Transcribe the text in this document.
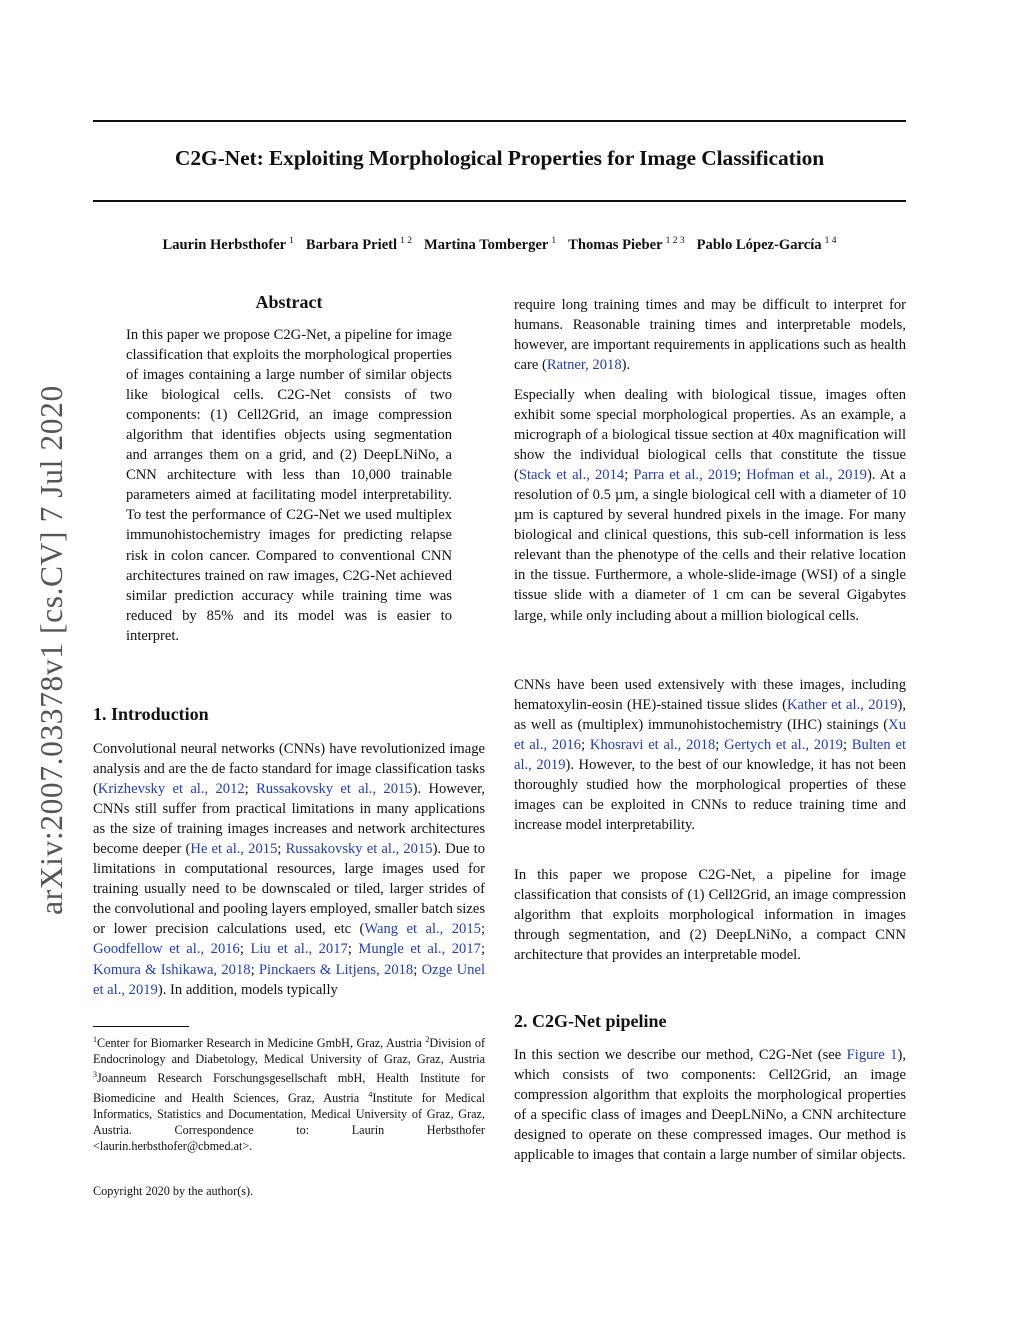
C2G-Net: Exploiting Morphological Properties for Image Classification
Laurin Herbsthofer $^1$ Barbara Prietl $^{1 2}$ Martina Tomberger $^1$ Thomas Pieber $^{1 2 3}$ Pablo López-García $^{1 4}$
arXiv:2007.03378v1 [cs.CV] 7 Jul 2020
Abstract
In this paper we propose C2G-Net, a pipeline for image classification that exploits the morphological properties of images containing a large number of similar objects like biological cells. C2G-Net consists of two components: (1) Cell2Grid, an image compression algorithm that identifies objects using segmentation and arranges them on a grid, and (2) DeepLNiNo, a CNN architecture with less than 10,000 trainable parameters aimed at facilitating model interpretability. To test the performance of C2G-Net we used multiplex immunohistochemistry images for predicting relapse risk in colon cancer. Compared to conventional CNN architectures trained on raw images, C2G-Net achieved similar prediction accuracy while training time was reduced by 85% and its model was is easier to interpret.
1. Introduction
Convolutional neural networks (CNNs) have revolutionized image analysis and are the de facto standard for image classification tasks (Krizhevsky et al., 2012; Russakovsky et al., 2015). However, CNNs still suffer from practical limitations in many applications as the size of training images increases and network architectures become deeper (He et al., 2015; Russakovsky et al., 2015). Due to limitations in computational resources, large images used for training usually need to be downscaled or tiled, larger strides of the convolutional and pooling layers employed, smaller batch sizes or lower precision calculations used, etc (Wang et al., 2015; Goodfellow et al., 2016; Liu et al., 2017; Mungle et al., 2017; Komura & Ishikawa, 2018; Pinckaers & Litjens, 2018; Ozge Unel et al., 2019). In addition, models typically
$^1$Center for Biomarker Research in Medicine GmbH, Graz, Austria $^2$Division of Endocrinology and Diabetology, Medical University of Graz, Graz, Austria $^3$Joanneum Research Forschungsgesellschaft mbH, Health Institute for Biomedicine and Health Sciences, Graz, Austria $^4$Institute for Medical Informatics, Statistics and Documentation, Medical University of Graz, Graz, Austria. Correspondence to: Laurin Herbsthofer <laurin.herbsthofer@cbmed.at>.
Copyright 2020 by the author(s).
require long training times and may be difficult to interpret for humans. Reasonable training times and interpretable models, however, are important requirements in applications such as health care (Ratner, 2018).
Especially when dealing with biological tissue, images often exhibit some special morphological properties. As an example, a micrograph of a biological tissue section at 40x magnification will show the individual biological cells that constitute the tissue (Stack et al., 2014; Parra et al., 2019; Hofman et al., 2019). At a resolution of 0.5 µm, a single biological cell with a diameter of 10 µm is captured by several hundred pixels in the image. For many biological and clinical questions, this sub-cell information is less relevant than the phenotype of the cells and their relative location in the tissue. Furthermore, a whole-slide-image (WSI) of a single tissue slide with a diameter of 1 cm can be several Gigabytes large, while only including about a million biological cells.
CNNs have been used extensively with these images, including hematoxylin-eosin (HE)-stained tissue slides (Kather et al., 2019), as well as (multiplex) immunohistochemistry (IHC) stainings (Xu et al., 2016; Khosravi et al., 2018; Gertych et al., 2019; Bulten et al., 2019). However, to the best of our knowledge, it has not been thoroughly studied how the morphological properties of these images can be exploited in CNNs to reduce training time and increase model interpretability.
In this paper we propose C2G-Net, a pipeline for image classification that consists of (1) Cell2Grid, an image compression algorithm that exploits morphological information in images through segmentation, and (2) DeepLNiNo, a compact CNN architecture that provides an interpretable model.
2. C2G-Net pipeline
In this section we describe our method, C2G-Net (see Figure 1), which consists of two components: Cell2Grid, an image compression algorithm that exploits the morphological properties of a specific class of images and DeepLNiNo, a CNN architecture designed to operate on these compressed images. Our method is applicable to images that contain a large number of similar objects.
